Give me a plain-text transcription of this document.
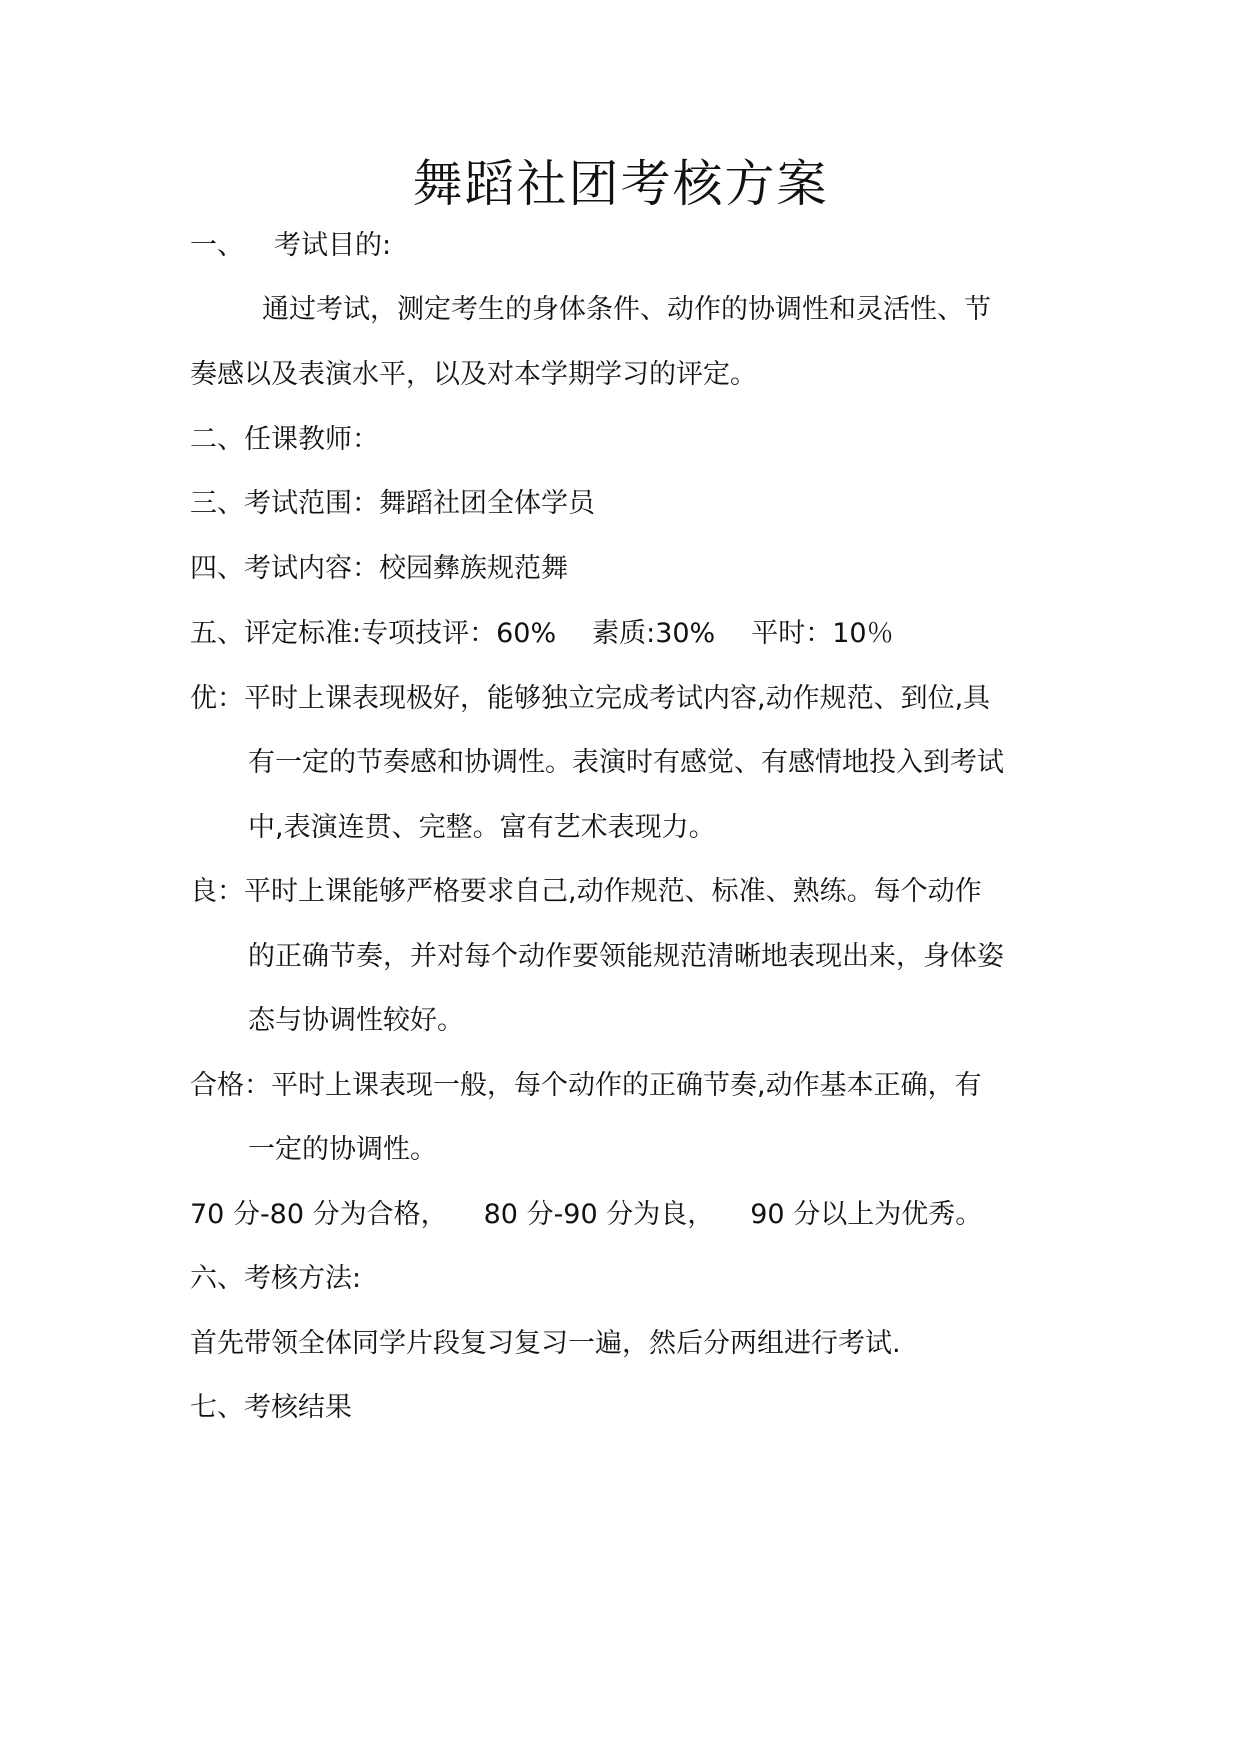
舞蹈社团考核方案
一、 考试目的:
通过考试，测定考生的身体条件、动作的协调性和灵活性、节
奏感以及表演水平，以及对本学期学习的评定。
二、任课教师：
三、考试范围：舞蹈社团全体学员
四、考试内容：校园彝族规范舞
五、评定标准:专项技评：60% 素质:30% 平时：10％
优：平时上课表现极好，能够独立完成考试内容,动作规范、到位,具
有一定的节奏感和协调性。表演时有感觉、有感情地投入到考试
中,表演连贯、完整。富有艺术表现力。
良：平时上课能够严格要求自己,动作规范、标准、熟练。每个动作
的正确节奏，并对每个动作要领能规范清晰地表现出来，身体姿
态与协调性较好。
合格：平时上课表现一般，每个动作的正确节奏,动作基本正确，有
一定的协调性。
70 分-80 分为合格， 80 分-90 分为良， 90 分以上为优秀。
六、考核方法:
首先带领全体同学片段复习复习一遍，然后分两组进行考试.
七、考核结果
